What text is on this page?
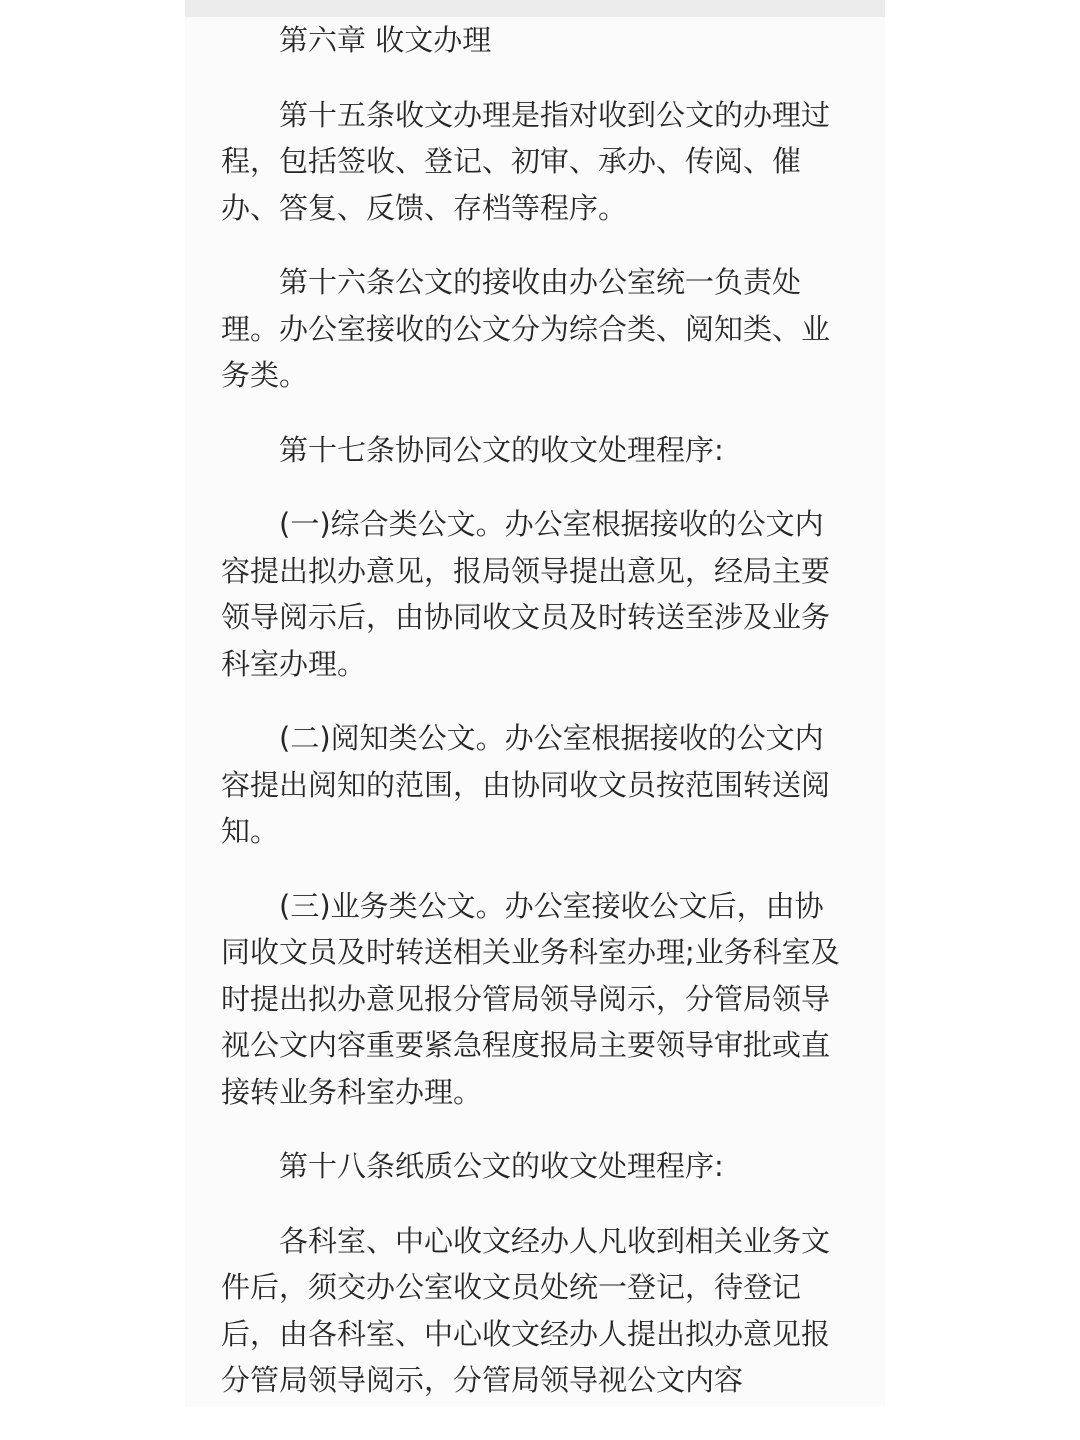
第六章 收文办理

第十五条收文办理是指对收到公文的办理过程，包括签收、登记、初审、承办、传阅、催办、答复、反馈、存档等程序。

第十六条公文的接收由办公室统一负责处理。办公室接收的公文分为综合类、阅知类、业务类。

第十七条协同公文的收文处理程序:

(一)综合类公文。办公室根据接收的公文内容提出拟办意见，报局领导提出意见，经局主要领导阅示后，由协同收文员及时转送至涉及业务科室办理。

(二)阅知类公文。办公室根据接收的公文内容提出阅知的范围，由协同收文员按范围转送阅知。

(三)业务类公文。办公室接收公文后，由协同收文员及时转送相关业务科室办理;业务科室及时提出拟办意见报分管局领导阅示，分管局领导视公文内容重要紧急程度报局主要领导审批或直接转业务科室办理。

第十八条纸质公文的收文处理程序:

各科室、中心收文经办人凡收到相关业务文件后，须交办公室收文员处统一登记，待登记后，由各科室、中心收文经办人提出拟办意见报分管局领导阅示，分管局领导视公文内容
